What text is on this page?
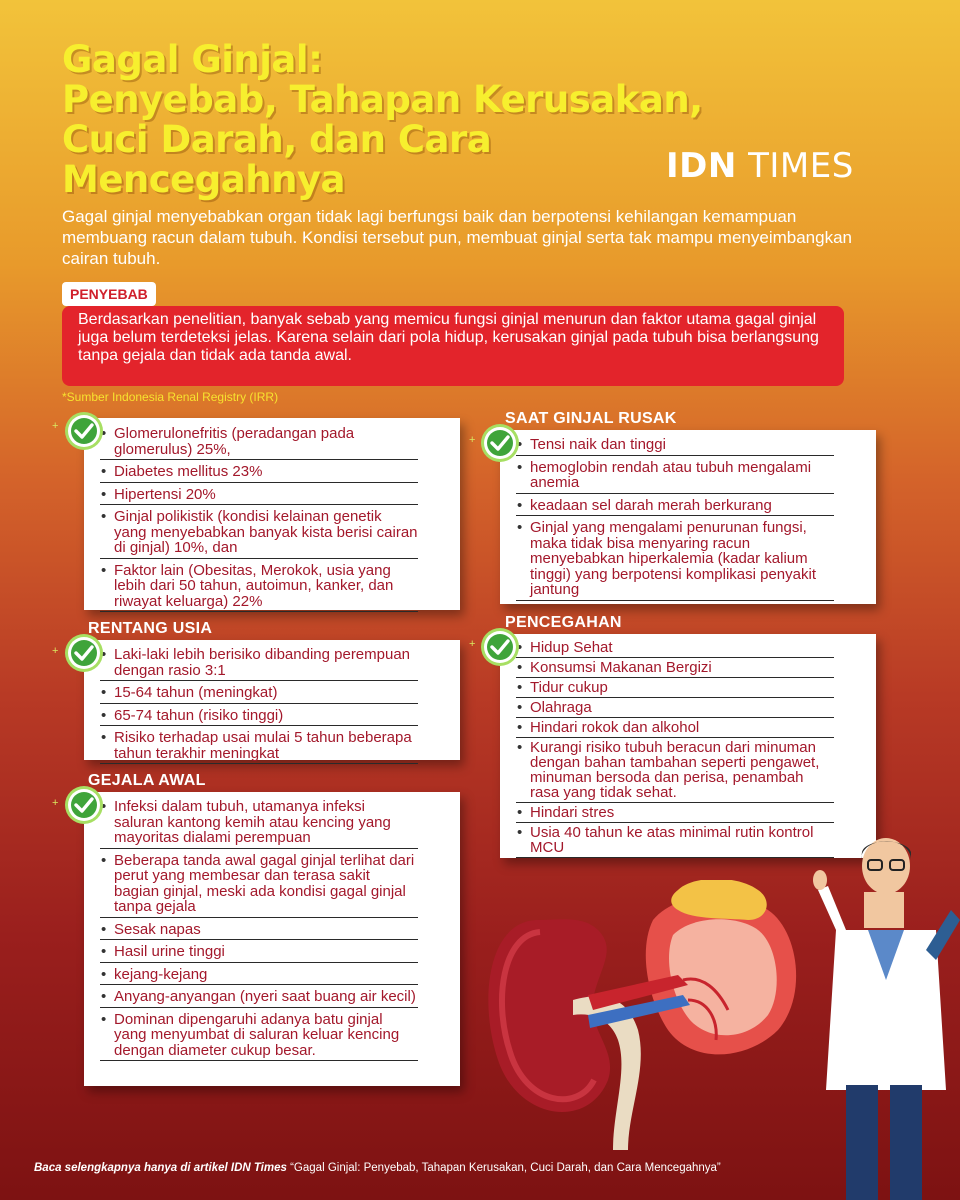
Gagal Ginjal:
Penyebab, Tahapan Kerusakan,
Cuci Darah, dan Cara
Mencegahnya	IDN TIMES

Gagal ginjal menyebabkan organ tidak lagi berfungsi baik dan berpotensi kehilangan kemampuan membuang racun dalam tubuh. Kondisi tersebut pun, membuat ginjal serta tak mampu menyeimbangkan cairan tubuh.

PENYEBAB
Berdasarkan penelitian, banyak sebab yang memicu fungsi ginjal menurun dan faktor utama gagal ginjal juga belum terdeteksi jelas. Karena selain dari pola hidup, kerusakan ginjal pada tubuh bisa berlangsung tanpa gejala dan tidak ada tanda awal.
*Sumber Indonesia Renal Registry (IRR)
• Glomerulonefritis (peradangan pada glomerulus) 25%,
• Diabetes mellitus 23%
• Hipertensi 20%
• Ginjal polikistik (kondisi kelainan genetik yang menyebabkan banyak kista berisi cairan di ginjal) 10%, dan
• Faktor lain (Obesitas, Merokok, usia yang lebih dari 50 tahun, autoimun, kanker, dan riwayat keluarga) 22%
+
RENTANG USIA
• Laki-laki lebih berisiko dibanding perempuan dengan rasio 3:1
• 15-64 tahun (meningkat)
• 65-74 tahun (risiko tinggi)
• Risiko terhadap usai mulai 5 tahun beberapa tahun terakhir meningkat
+
GEJALA AWAL
• Infeksi dalam tubuh, utamanya infeksi saluran kantong kemih atau kencing yang mayoritas dialami perempuan
• Beberapa tanda awal gagal ginjal terlihat dari perut yang membesar dan terasa sakit bagian ginjal, meski ada kondisi gagal ginjal tanpa gejala
• Sesak napas
• Hasil urine tinggi
• kejang-kejang
• Anyang-anyangan (nyeri saat buang air kecil)
• Dominan dipengaruhi adanya batu ginjal yang menyumbat di saluran keluar kencing dengan diameter cukup besar.
+
SAAT GINJAL RUSAK
• Tensi naik dan tinggi
• hemoglobin rendah atau tubuh mengalami anemia
• keadaan sel darah merah berkurang
• Ginjal yang mengalami penurunan fungsi, maka tidak bisa menyaring racun menyebabkan hiperkalemia (kadar kalium tinggi) yang berpotensi komplikasi penyakit jantung
+
PENCEGAHAN
• Hidup Sehat
• Konsumsi Makanan Bergizi
• Tidur cukup
• Olahraga
• Hindari rokok dan alkohol
• Kurangi risiko tubuh beracun dari minuman dengan bahan tambahan seperti pengawet, minuman bersoda dan perisa, penambah rasa yang tidak sehat.
• Hindari stres
• Usia 40 tahun ke atas minimal rutin kontrol MCU
+
Baca selengkapnya hanya di artikel IDN Times “Gagal Ginjal: Penyebab, Tahapan Kerusakan, Cuci Darah, dan Cara Mencegahnya”
